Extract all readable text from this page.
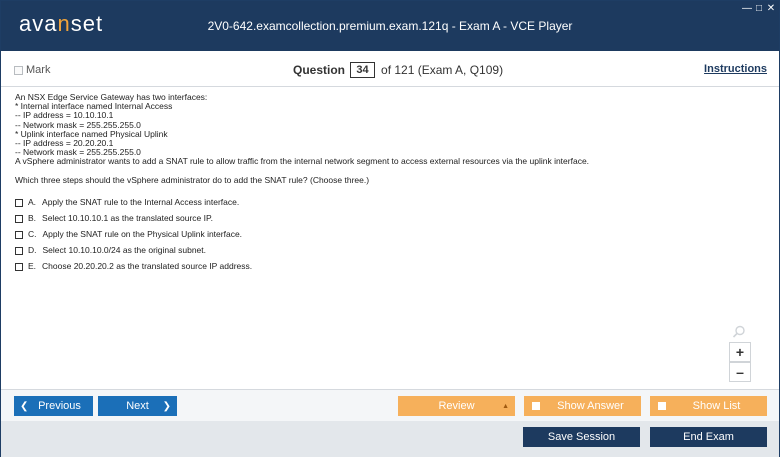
avanset	2V0-642.examcollection.premium.exam.121q - Exam A - VCE Player
— □ ✕
Mark	Question	34	of 121 (Exam A, Q109)	Instructions
An NSX Edge Service Gateway has two interfaces:
* Internal interface named Internal Access
-- IP address = 10.10.10.1
-- Network mask = 255.255.255.0
* Uplink interface named Physical Uplink
-- IP address = 20.20.20.1
-- Network mask = 255.255.255.0
A vSphere administrator wants to add a SNAT rule to allow traffic from the internal network segment to access external resources via the uplink interface.
Which three steps should the vSphere administrator do to add the SNAT rule? (Choose three.)
A. Apply the SNAT rule to the Internal Access interface.
B. Select 10.10.10.1 as the translated source IP.
C. Apply the SNAT rule on the Physical Uplink interface.
D. Select 10.10.10.0/24 as the original subnet.
E. Choose 20.20.20.2 as the translated source IP address.
+
–
❮ Previous	Next ❯	Review	▲	Show Answer	Show List
Save Session	End Exam
